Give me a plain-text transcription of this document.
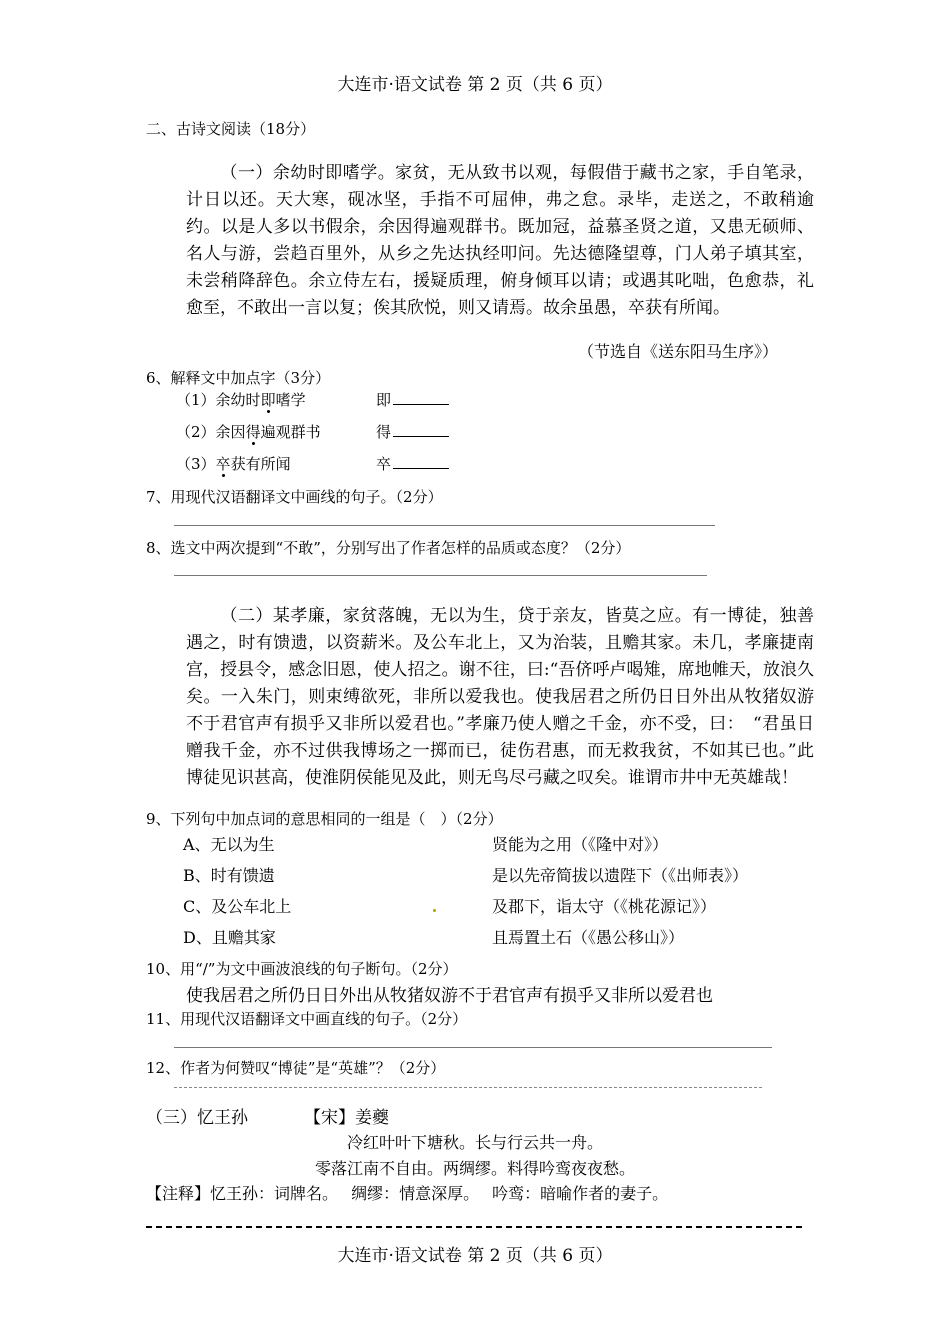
大连市·语文试卷 第 2 页（共 6 页）
二、古诗文阅读（18分）

（一）余幼时即嗜学。家贫，无从致书以观，每假借于藏书之家，手自笔录，计日以还。天大寒，砚冰坚，手指不可屈伸，弗之怠。录毕，走送之，不敢稍逾约。以是人多以书假余，余因得遍观群书。既加冠，益慕圣贤之道，又患无硕师、名人与游，尝趋百里外，从乡之先达执经叩问。先达德隆望尊，门人弟子填其室，未尝稍降辞色。余立侍左右，援疑质理，俯身倾耳以请；或遇其叱咄，色愈恭，礼愈至，不敢出一言以复；俟其欣悦，则又请焉。故余虽愚，卒获有所闻。

（节选自《送东阳马生序》）
6、解释文中加点字（3分）
（1）余幼时即嗜学	即
（2）余因得遍观群书	得
（3）卒获有所闻	卒
7、用现代汉语翻译文中画线的句子。（2分）
8、选文中两次提到“不敢”，分别写出了作者怎样的品质或态度？（2分）

（二）某孝廉，家贫落魄，无以为生，贷于亲友，皆莫之应。有一博徒，独善遇之，时有馈遗，以资薪米。及公车北上，又为治装，且赡其家。未几，孝廉捷南宫，授县令，感念旧恩，使人招之。谢不往，曰:“吾侪呼卢喝雉，席地帷天，放浪久矣。一入朱门，则束缚欲死，非所以爱我也。使我居君之所仍日日外出从牧猪奴游不于君官声有损乎又非所以爱君也。”孝廉乃使人赠之千金，亦不受，曰：　“君虽日赠我千金，亦不过供我博场之一掷而已，徒伤君惠，而无救我贫，不如其已也。”此博徒见识甚高，使淮阴侯能见及此，则无鸟尽弓藏之叹矣。谁谓市井中无英雄哉！

9、下列句中加点词的意思相同的一组是（　）（2分）
A、无以为生	贤能为之用（《隆中对》）
B、时有馈遗	是以先帝简拔以遗陛下（《出师表》）
C、及公车北上	及郡下，诣太守（《桃花源记》）
D、且赡其家	且焉置土石（《愚公移山》）
10、用“/”为文中画波浪线的句子断句。（2分）
使我居君之所仍日日外出从牧猪奴游不于君官声有损乎又非所以爱君也
11、用现代汉语翻译文中画直线的句子。（2分）
12、作者为何赞叹“博徒”是“英雄”？（2分）
（三）忆王孙	【宋】姜夔
冷红叶叶下塘秋。长与行云共一舟。
零落江南不自由。两绸缪。料得吟鸾夜夜愁。
【注释】忆王孙：词牌名。　 绸缪：情意深厚。　 吟鸾：暗喻作者的妻子。
大连市·语文试卷 第 2 页（共 6 页）
